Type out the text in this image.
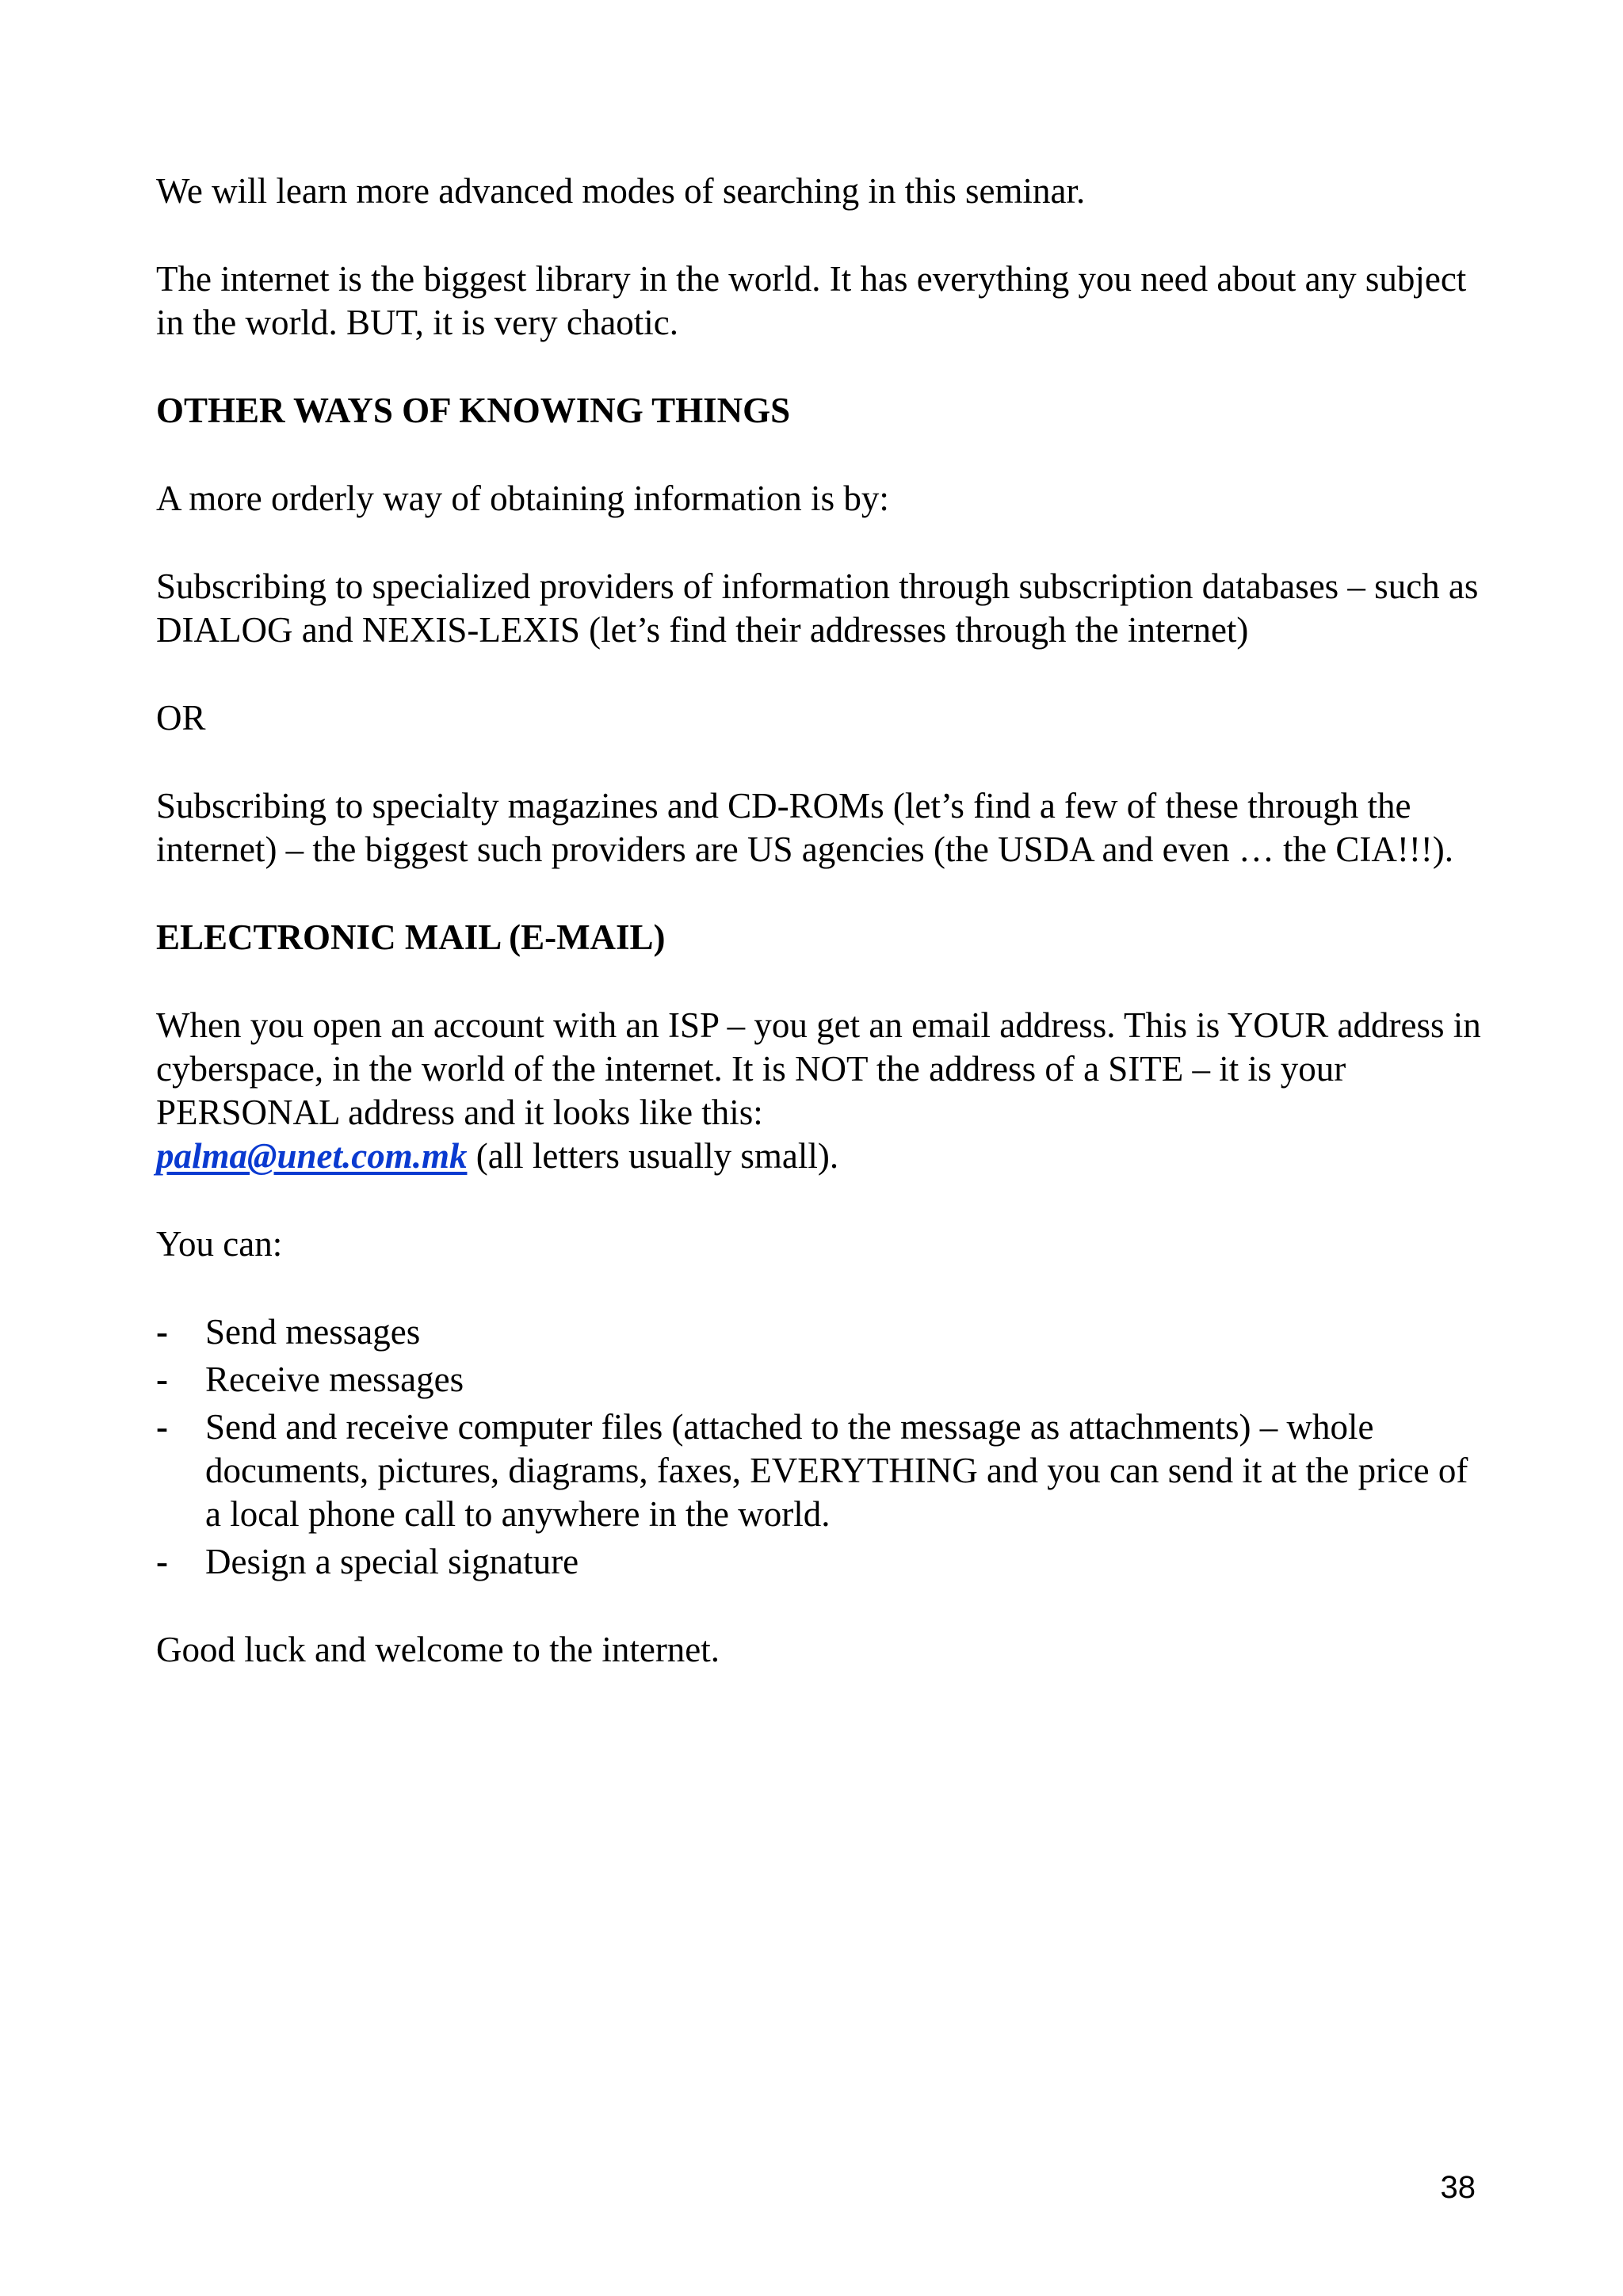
We will learn more advanced modes of searching in this seminar.

The internet is the biggest library in the world. It has everything you need about any subject in the world. BUT, it is very chaotic.

OTHER WAYS OF KNOWING THINGS

A more orderly way of obtaining information is by:

Subscribing to specialized providers of information through subscription databases – such as DIALOG and NEXIS-LEXIS (let’s find their addresses through the internet)

OR

Subscribing to specialty magazines and CD-ROMs (let’s find a few of these through the internet) – the biggest such providers are US agencies (the USDA and even … the CIA!!!).

ELECTRONIC MAIL (E-MAIL)

When you open an account with an ISP – you get an email address. This is YOUR address in cyberspace, in the world of the internet. It is NOT the address of a SITE – it is your PERSONAL address and it looks like this:
palma@unet.com.mk (all letters usually small).

You can:

- Send messages
- Receive messages
- Send and receive computer files (attached to the message as attachments) – whole documents, pictures, diagrams, faxes, EVERYTHING and you can send it at the price of a local phone call to anywhere in the world.
- Design a special signature

Good luck and welcome to the internet.

38
